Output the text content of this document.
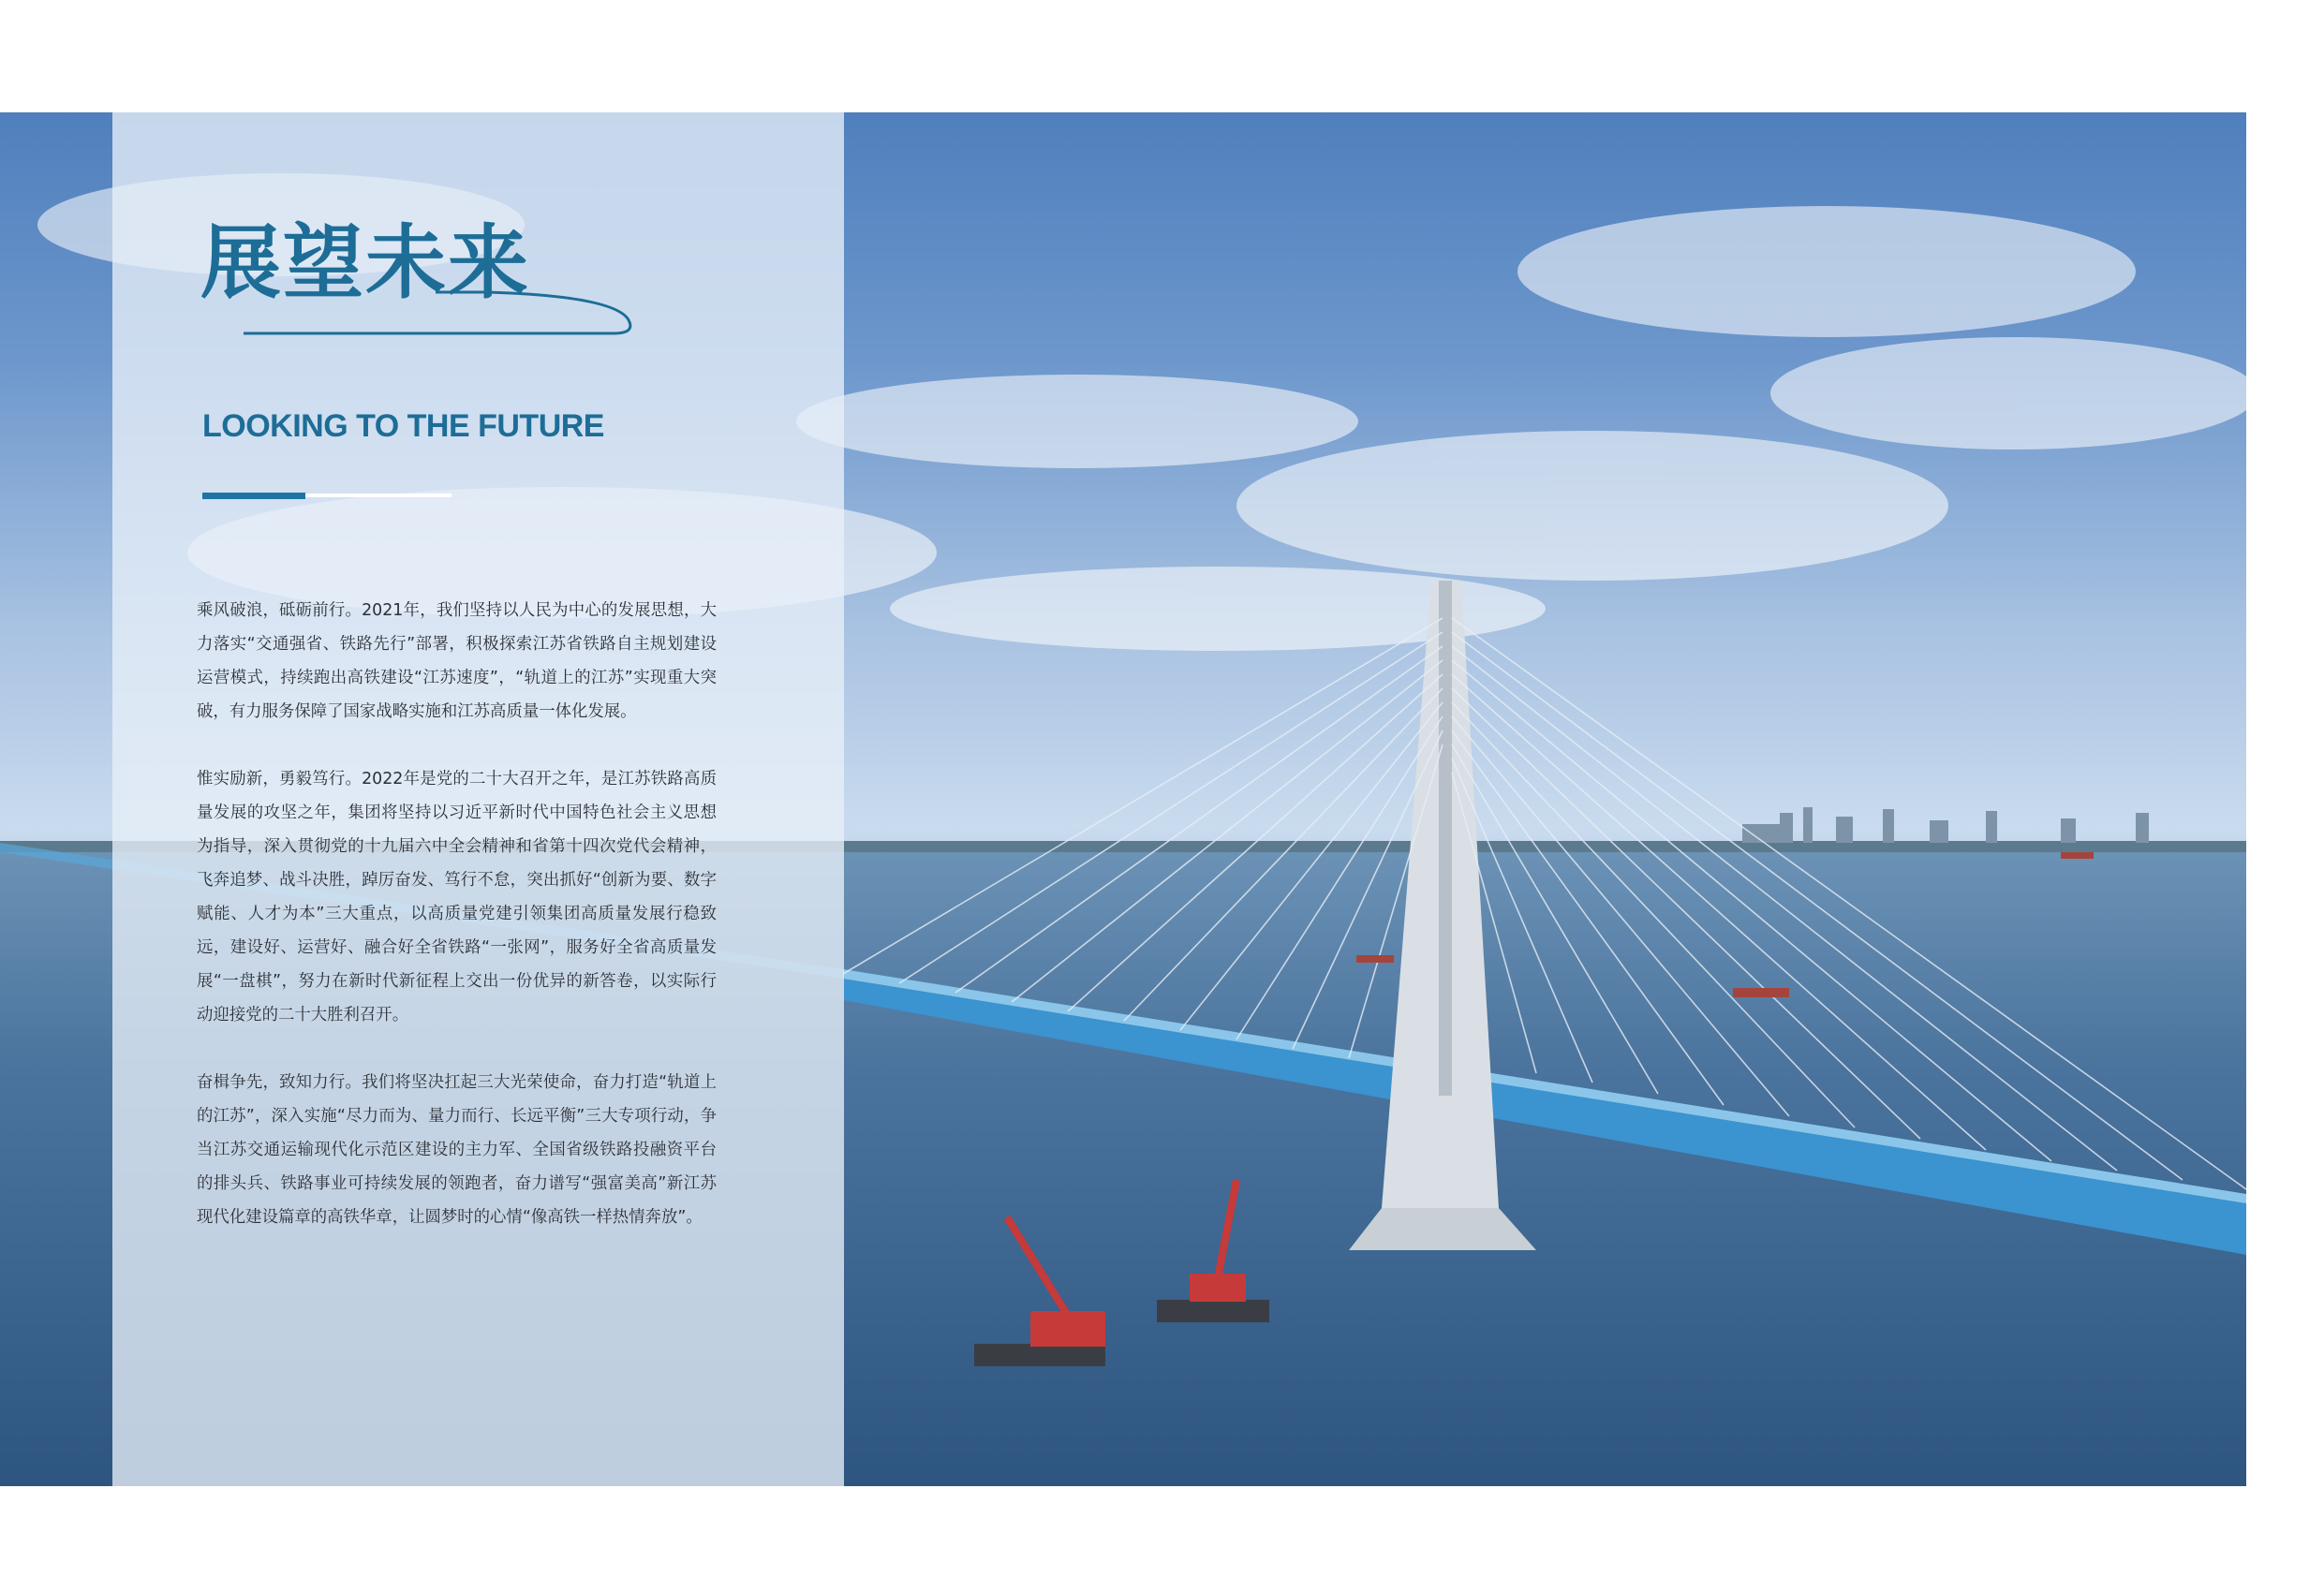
展望未来
LOOKING TO THE FUTURE

乘风破浪，砥砺前行。2021年，我们坚持以人民为中心的发展思想，大力落实“交通强省、铁路先行”部署，积极探索江苏省铁路自主规划建设运营模式，持续跑出高铁建设“江苏速度”，“轨道上的江苏”实现重大突破，有力服务保障了国家战略实施和江苏高质量一体化发展。

惟实励新，勇毅笃行。2022年是党的二十大召开之年，是江苏铁路高质量发展的攻坚之年，集团将坚持以习近平新时代中国特色社会主义思想为指导，深入贯彻党的十九届六中全会精神和省第十四次党代会精神，飞奔追梦、战斗决胜，踔厉奋发、笃行不怠，突出抓好“创新为要、数字赋能、人才为本”三大重点，以高质量党建引领集团高质量发展行稳致远，建设好、运营好、融合好全省铁路“一张网”，服务好全省高质量发展“一盘棋”，努力在新时代新征程上交出一份优异的新答卷，以实际行动迎接党的二十大胜利召开。

奋楫争先，致知力行。我们将坚决扛起三大光荣使命，奋力打造“轨道上的江苏”，深入实施“尽力而为、量力而行、长远平衡”三大专项行动，争当江苏交通运输现代化示范区建设的主力军、全国省级铁路投融资平台的排头兵、铁路事业可持续发展的领跑者，奋力谱写“强富美高”新江苏现代化建设篇章的高铁华章，让圆梦时的心情“像高铁一样热情奔放”。
